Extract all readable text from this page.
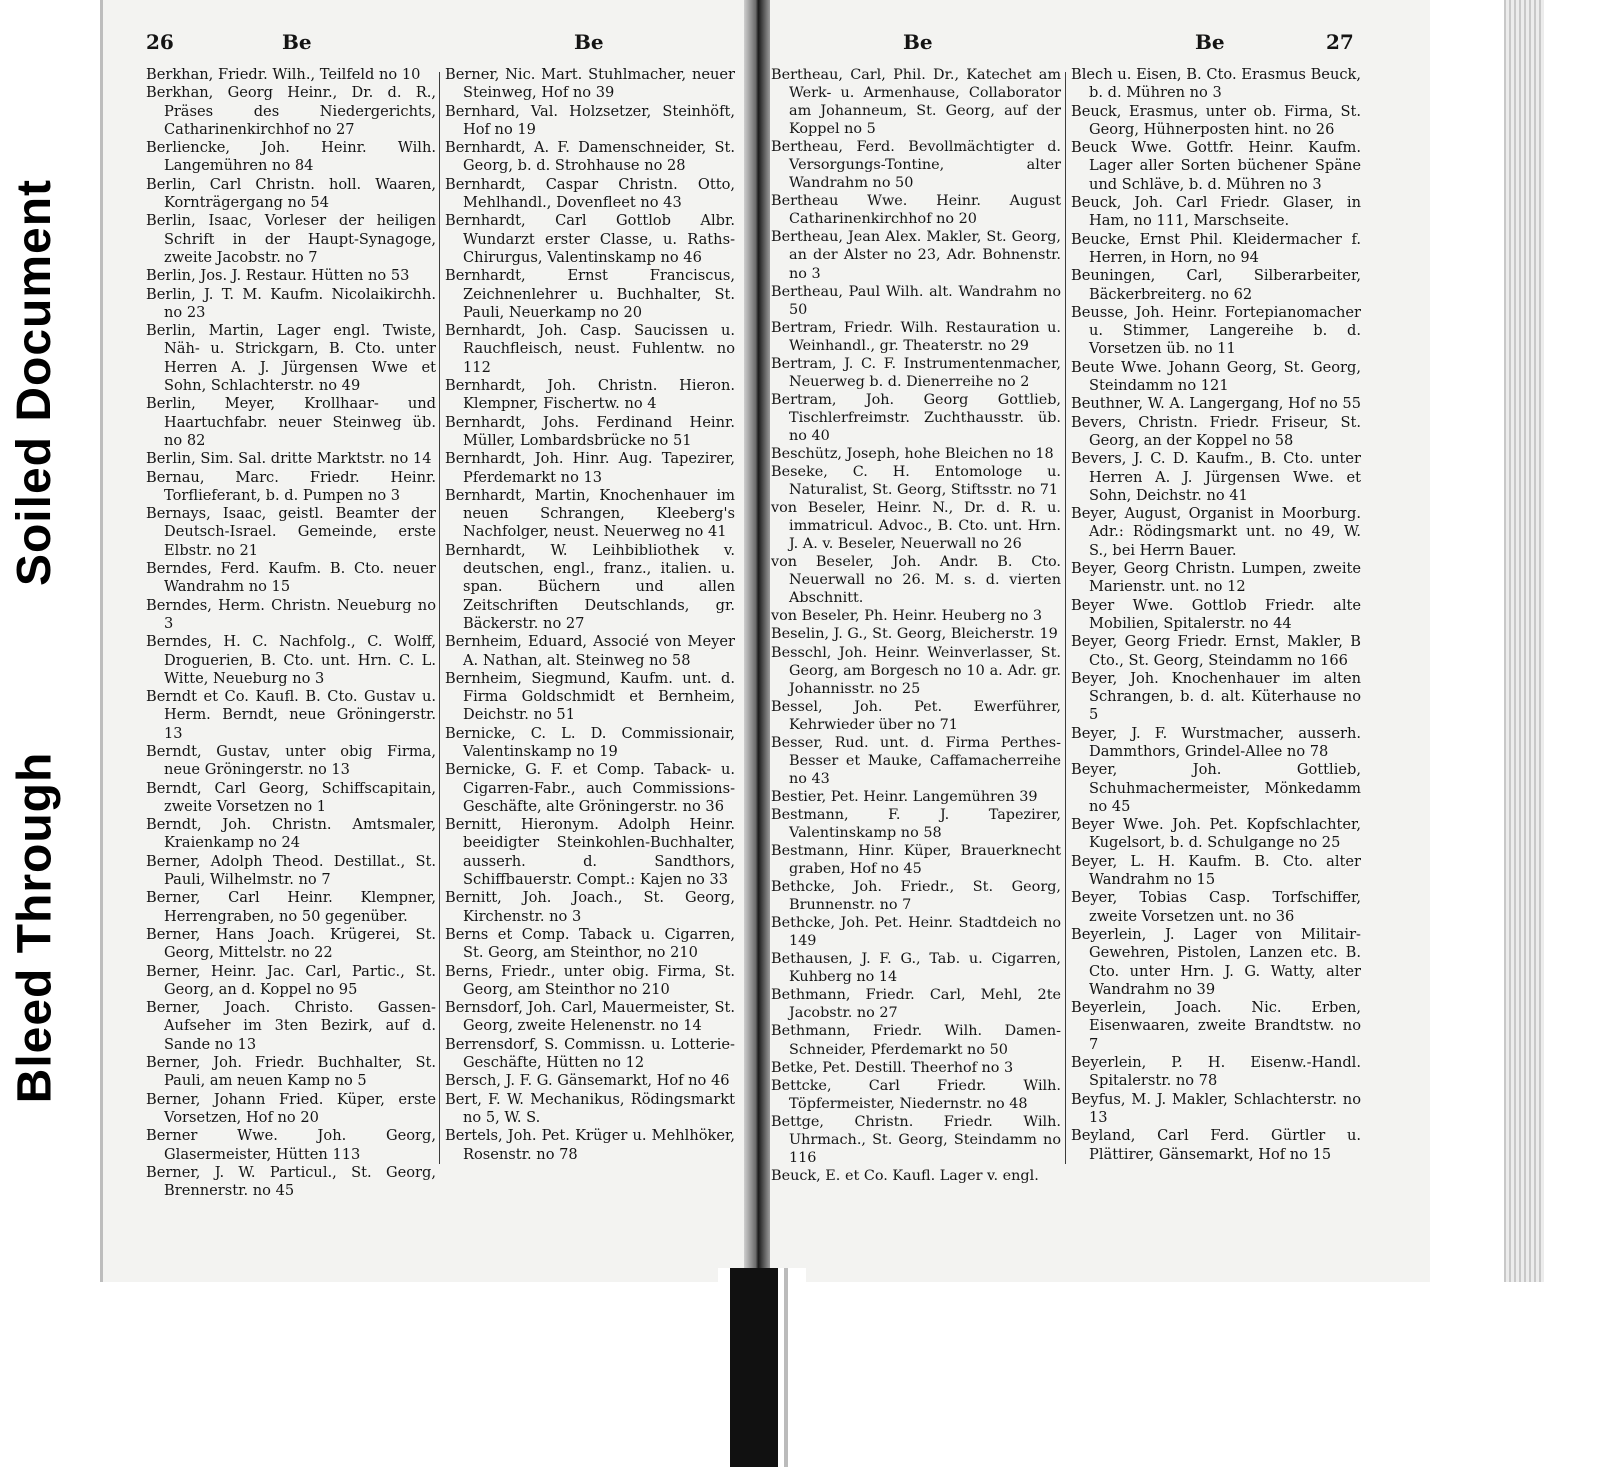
Soiled Document
Bleed Through
26	Be	Be	Be	Be	27
Berkhan, Friedr. Wilh., Teilfeld no 10
Berkhan, Georg Heinr., Dr. d. R., Präses des Niedergerichts, Catharinenkirchhof no 27
Berliencke, Joh. Heinr. Wilh. Langemühren no 84
Berlin, Carl Christn. holl. Waaren, Kornträgergang no 54
Berlin, Isaac, Vorleser der heiligen Schrift in der Haupt-Synagoge, zweite Jacobstr. no 7
Berlin, Jos. J. Restaur. Hütten no 53
Berlin, J. T. M. Kaufm. Nicolaikirchh. no 23
Berlin, Martin, Lager engl. Twiste, Näh- u. Strickgarn, B. Cto. unter Herren A. J. Jürgensen Wwe et Sohn, Schlachterstr. no 49
Berlin, Meyer, Krollhaar- und Haartuchfabr. neuer Steinweg üb. no 82
Berlin, Sim. Sal. dritte Marktstr. no 14
Bernau, Marc. Friedr. Heinr. Torflieferant, b. d. Pumpen no 3
Bernays, Isaac, geistl. Beamter der Deutsch-Israel. Gemeinde, erste Elbstr. no 21
Berndes, Ferd. Kaufm. B. Cto. neuer Wandrahm no 15
Berndes, Herm. Christn. Neueburg no 3
Berndes, H. C. Nachfolg., C. Wolff, Droguerien, B. Cto. unt. Hrn. C. L. Witte, Neueburg no 3
Berndt et Co. Kaufl. B. Cto. Gustav u. Herm. Berndt, neue Gröningerstr. 13
Berndt, Gustav, unter obig Firma, neue Gröningerstr. no 13
Berndt, Carl Georg, Schiffscapitain, zweite Vorsetzen no 1
Berndt, Joh. Christn. Amtsmaler, Kraienkamp no 24
Berner, Adolph Theod. Destillat., St. Pauli, Wilhelmstr. no 7
Berner, Carl Heinr. Klempner, Herrengraben, no 50 gegenüber.
Berner, Hans Joach. Krügerei, St. Georg, Mittelstr. no 22
Berner, Heinr. Jac. Carl, Partic., St. Georg, an d. Koppel no 95
Berner, Joach. Christo. Gassen-Aufseher im 3ten Bezirk, auf d. Sande no 13
Berner, Joh. Friedr. Buchhalter, St. Pauli, am neuen Kamp no 5
Berner, Johann Fried. Küper, erste Vorsetzen, Hof no 20
Berner Wwe. Joh. Georg, Glasermeister, Hütten 113
Berner, J. W. Particul., St. Georg, Brennerstr. no 45
Berner, Nic. Mart. Stuhlmacher, neuer Steinweg, Hof no 39
Bernhard, Val. Holzsetzer, Steinhöft, Hof no 19
Bernhardt, A. F. Damenschneider, St. Georg, b. d. Strohhause no 28
Bernhardt, Caspar Christn. Otto, Mehlhandl., Dovenfleet no 43
Bernhardt, Carl Gottlob Albr. Wundarzt erster Classe, u. Raths-Chirurgus, Valentinskamp no 46
Bernhardt, Ernst Franciscus, Zeichnenlehrer u. Buchhalter, St. Pauli, Neuerkamp no 20
Bernhardt, Joh. Casp. Saucissen u. Rauchfleisch, neust. Fuhlentw. no 112
Bernhardt, Joh. Christn. Hieron. Klempner, Fischertw. no 4
Bernhardt, Johs. Ferdinand Heinr. Müller, Lombardsbrücke no 51
Bernhardt, Joh. Hinr. Aug. Tapezirer, Pferdemarkt no 13
Bernhardt, Martin, Knochenhauer im neuen Schrangen, Kleeberg's Nachfolger, neust. Neuerweg no 41
Bernhardt, W. Leihbibliothek v. deutschen, engl., franz., italien. u. span. Büchern und allen Zeitschriften Deutschlands, gr. Bäckerstr. no 27
Bernheim, Eduard, Associé von Meyer A. Nathan, alt. Steinweg no 58
Bernheim, Siegmund, Kaufm. unt. d. Firma Goldschmidt et Bernheim, Deichstr. no 51
Bernicke, C. L. D. Commissionair, Valentinskamp no 19
Bernicke, G. F. et Comp. Taback- u. Cigarren-Fabr., auch Commissions-Geschäfte, alte Gröningerstr. no 36
Bernitt, Hieronym. Adolph Heinr. beeidigter Steinkohlen-Buchhalter, ausserh. d. Sandthors, Schiffbauerstr. Compt.: Kajen no 33
Bernitt, Joh. Joach., St. Georg, Kirchenstr. no 3
Berns et Comp. Taback u. Cigarren, St. Georg, am Steinthor, no 210
Berns, Friedr., unter obig. Firma, St. Georg, am Steinthor no 210
Bernsdorf, Joh. Carl, Mauermeister, St. Georg, zweite Helenenstr. no 14
Berrensdorf, S. Commissn. u. Lotterie-Geschäfte, Hütten no 12
Bersch, J. F. G. Gänsemarkt, Hof no 46
Bert, F. W. Mechanikus, Rödingsmarkt no 5, W. S.
Bertels, Joh. Pet. Krüger u. Mehlhöker, Rosenstr. no 78
Bertheau, Carl, Phil. Dr., Katechet am Werk- u. Armenhause, Collaborator am Johanneum, St. Georg, auf der Koppel no 5
Bertheau, Ferd. Bevollmächtigter d. Versorgungs-Tontine, alter Wandrahm no 50
Bertheau Wwe. Heinr. August Catharinenkirchhof no 20
Bertheau, Jean Alex. Makler, St. Georg, an der Alster no 23, Adr. Bohnenstr. no 3
Bertheau, Paul Wilh. alt. Wandrahm no 50
Bertram, Friedr. Wilh. Restauration u. Weinhandl., gr. Theaterstr. no 29
Bertram, J. C. F. Instrumentenmacher, Neuerweg b. d. Dienerreihe no 2
Bertram, Joh. Georg Gottlieb, Tischlerfreimstr. Zuchthausstr. üb. no 40
Beschütz, Joseph, hohe Bleichen no 18
Beseke, C. H. Entomologe u. Naturalist, St. Georg, Stiftsstr. no 71
von Beseler, Heinr. N., Dr. d. R. u. immatricul. Advoc., B. Cto. unt. Hrn. J. A. v. Beseler, Neuerwall no 26
von Beseler, Joh. Andr. B. Cto. Neuerwall no 26. M. s. d. vierten Abschnitt.
von Beseler, Ph. Heinr. Heuberg no 3
Beselin, J. G., St. Georg, Bleicherstr. 19
Besschl, Joh. Heinr. Weinverlasser, St. Georg, am Borgesch no 10 a. Adr. gr. Johannisstr. no 25
Bessel, Joh. Pet. Ewerführer, Kehrwieder über no 71
Besser, Rud. unt. d. Firma Perthes-Besser et Mauke, Caffamacherreihe no 43
Bestier, Pet. Heinr. Langemühren 39
Bestmann, F. J. Tapezirer, Valentinskamp no 58
Bestmann, Hinr. Küper, Brauerknecht graben, Hof no 45
Bethcke, Joh. Friedr., St. Georg, Brunnenstr. no 7
Bethcke, Joh. Pet. Heinr. Stadtdeich no 149
Bethausen, J. F. G., Tab. u. Cigarren, Kuhberg no 14
Bethmann, Friedr. Carl, Mehl, 2te Jacobstr. no 27
Bethmann, Friedr. Wilh. Damen-Schneider, Pferdemarkt no 50
Betke, Pet. Destill. Theerhof no 3
Bettcke, Carl Friedr. Wilh. Töpfermeister, Niedernstr. no 48
Bettge, Christn. Friedr. Wilh. Uhrmach., St. Georg, Steindamm no 116
Beuck, E. et Co. Kaufl. Lager v. engl.
Blech u. Eisen, B. Cto. Erasmus Beuck, b. d. Mühren no 3
Beuck, Erasmus, unter ob. Firma, St. Georg, Hühnerposten hint. no 26
Beuck Wwe. Gottfr. Heinr. Kaufm. Lager aller Sorten büchener Späne und Schläve, b. d. Mühren no 3
Beuck, Joh. Carl Friedr. Glaser, in Ham, no 111, Marschseite.
Beucke, Ernst Phil. Kleidermacher f. Herren, in Horn, no 94
Beuningen, Carl, Silberarbeiter, Bäckerbreiterg. no 62
Beusse, Joh. Heinr. Fortepianomacher u. Stimmer, Langereihe b. d. Vorsetzen üb. no 11
Beute Wwe. Johann Georg, St. Georg, Steindamm no 121
Beuthner, W. A. Langergang, Hof no 55
Bevers, Christn. Friedr. Friseur, St. Georg, an der Koppel no 58
Bevers, J. C. D. Kaufm., B. Cto. unter Herren A. J. Jürgensen Wwe. et Sohn, Deichstr. no 41
Beyer, August, Organist in Moorburg. Adr.: Rödingsmarkt unt. no 49, W. S., bei Herrn Bauer.
Beyer, Georg Christn. Lumpen, zweite Marienstr. unt. no 12
Beyer Wwe. Gottlob Friedr. alte Mobilien, Spitalerstr. no 44
Beyer, Georg Friedr. Ernst, Makler, B Cto., St. Georg, Steindamm no 166
Beyer, Joh. Knochenhauer im alten Schrangen, b. d. alt. Küterhause no 5
Beyer, J. F. Wurstmacher, ausserh. Dammthors, Grindel-Allee no 78
Beyer, Joh. Gottlieb, Schuhmachermeister, Mönkedamm no 45
Beyer Wwe. Joh. Pet. Kopfschlachter, Kugelsort, b. d. Schulgange no 25
Beyer, L. H. Kaufm. B. Cto. alter Wandrahm no 15
Beyer, Tobias Casp. Torfschiffer, zweite Vorsetzen unt. no 36
Beyerlein, J. Lager von Militair-Gewehren, Pistolen, Lanzen etc. B. Cto. unter Hrn. J. G. Watty, alter Wandrahm no 39
Beyerlein, Joach. Nic. Erben, Eisenwaaren, zweite Brandtstw. no 7
Beyerlein, P. H. Eisenw.-Handl. Spitalerstr. no 78
Beyfus, M. J. Makler, Schlachterstr. no 13
Beyland, Carl Ferd. Gürtler u. Plättirer, Gänsemarkt, Hof no 15
